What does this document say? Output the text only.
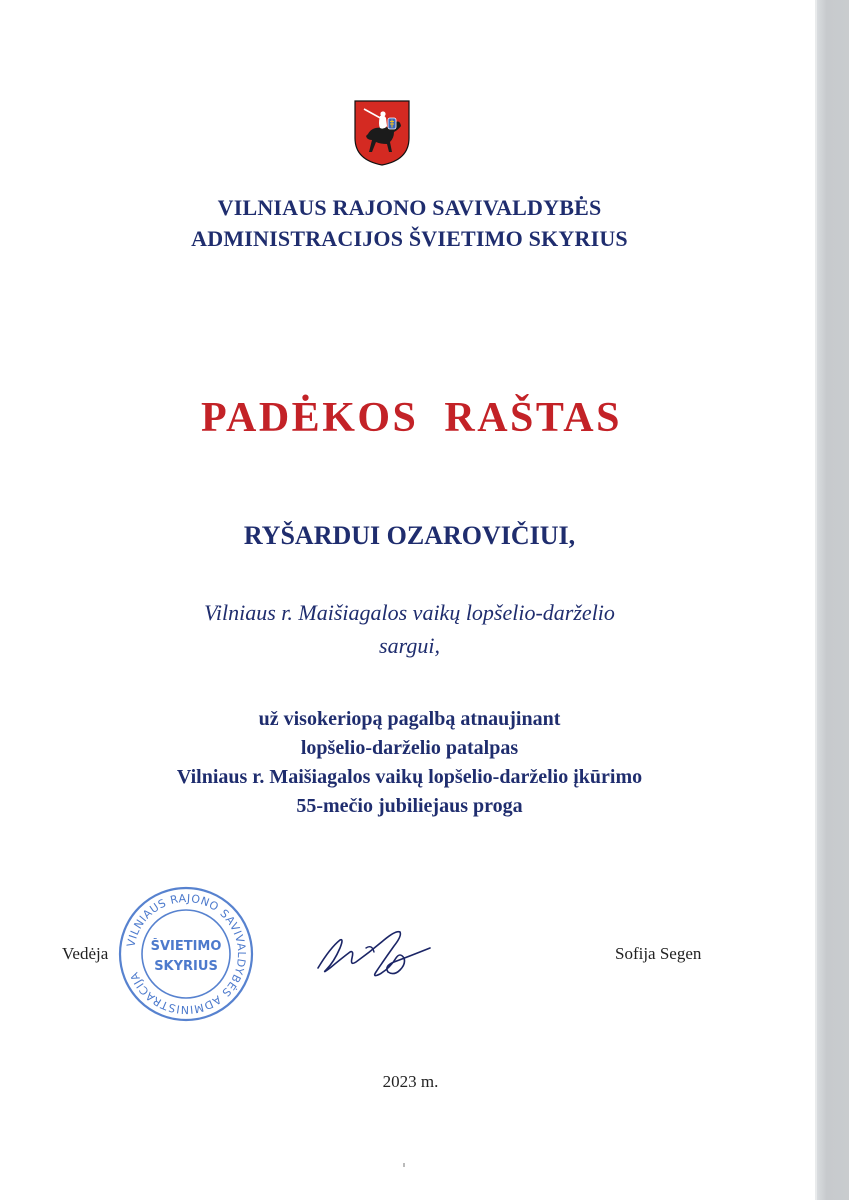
VILNIAUS RAJONO SAVIVALDYBĖS
ADMINISTRACIJOS ŠVIETIMO SKYRIUS
PADĖKOS  RAŠTAS
RYŠARDUI OZAROVIČIUI,
Vilniaus r. Maišiagalos vaikų lopšelio-darželio
sargui,
už visokeriopą pagalbą atnaujinant
lopšelio-darželio patalpas
Vilniaus r. Maišiagalos vaikų lopšelio-darželio įkūrimo
55-mečio jubiliejaus proga
Vedėja
VILNIAUS RAJONO SAVIVALDYBĖS ADMINISTRACIJA
ŠVIETIMO
SKYRIUS
Sofija Segen
2023 m.
